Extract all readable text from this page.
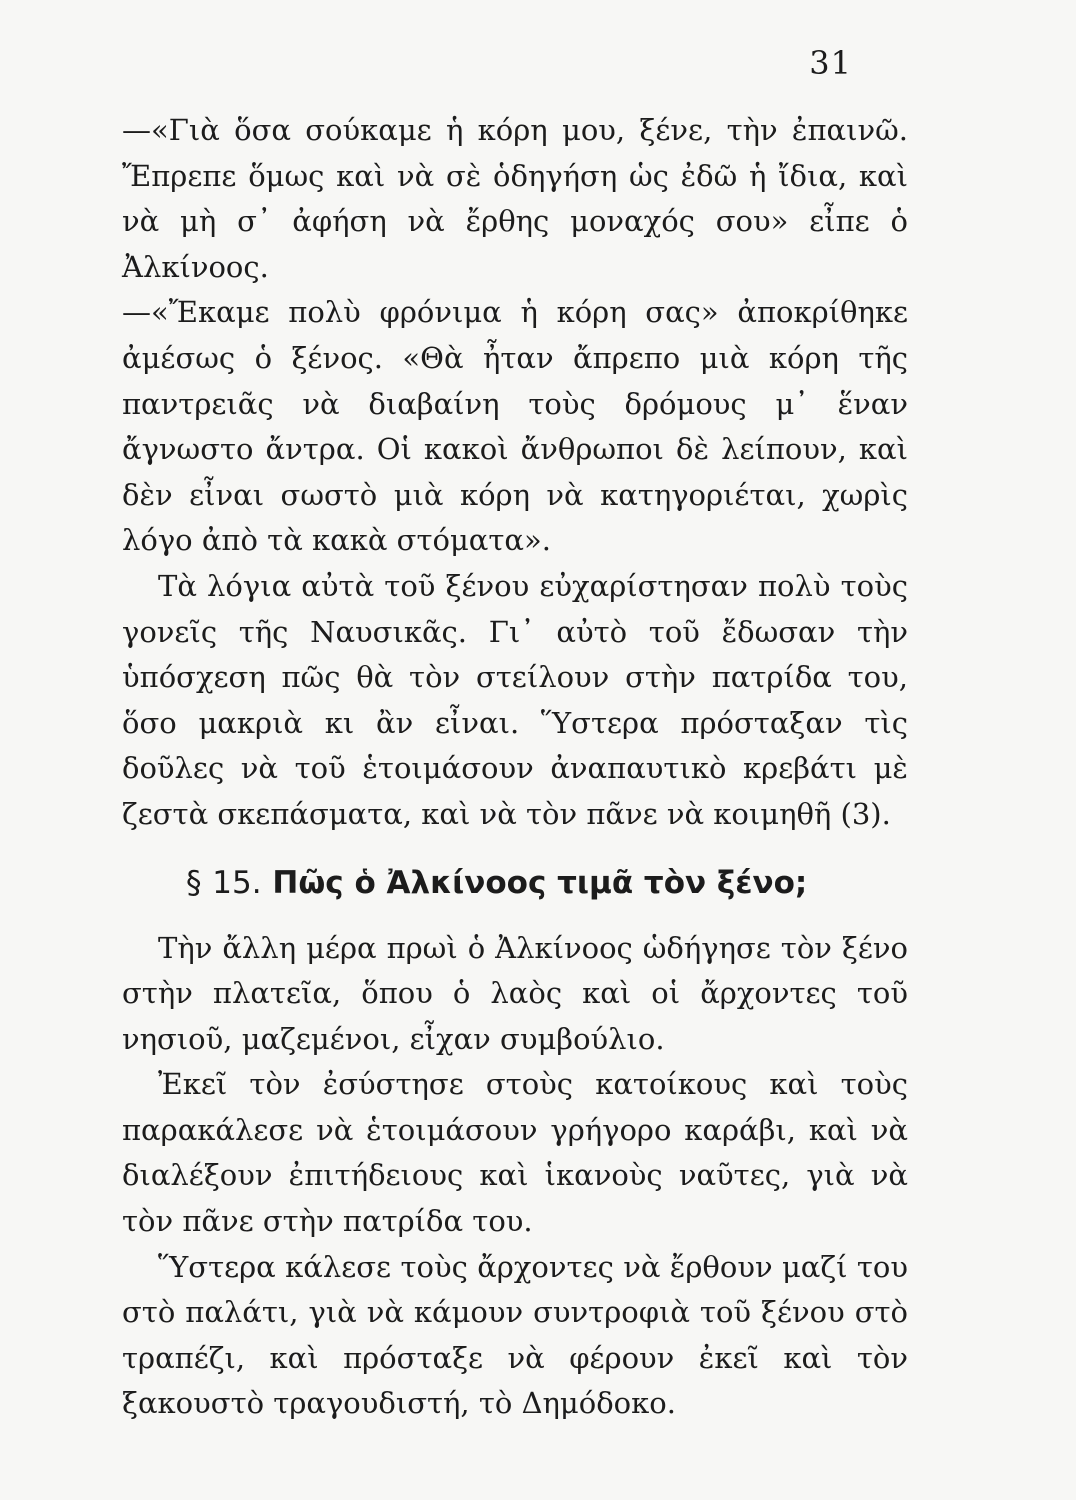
31

—«Γιὰ ὅσα σούκαμε ἡ κόρη μου, ξένε, τὴν ἐπαινῶ. Ἔπρεπε ὅμως καὶ νὰ σὲ ὁδηγήση ὡς ἐδῶ ἡ ἴδια, καὶ νὰ μὴ σ᾽ ἀφήση νὰ ἔρθης μοναχός σου» εἶπε ὁ Ἀλκίνοος.

—«Ἔκαμε πολὺ φρόνιμα ἡ κόρη σας» ἀποκρίθηκε ἀμέσως ὁ ξένος. «Θὰ ἦταν ἄπρεπο μιὰ κόρη τῆς παντρειᾶς νὰ διαβαίνη τοὺς δρόμους μ᾽ ἕναν ἄγνωστο ἄντρα. Οἱ κακοὶ ἄνθρωποι δὲ λείπουν, καὶ δὲν εἶναι σωστὸ μιὰ κόρη νὰ κατηγοριέται, χωρὶς λόγο ἀπὸ τὰ κακὰ στόματα».

Τὰ λόγια αὐτὰ τοῦ ξένου εὐχαρίστησαν πολὺ τοὺς γονεῖς τῆς Ναυσικᾶς. Γι᾽ αὐτὸ τοῦ ἔδωσαν τὴν ὑπόσχεση πῶς θὰ τὸν στείλουν στὴν πατρίδα του, ὅσο μακριὰ κι ἂν εἶναι. Ὕστερα πρόσταξαν τὶς δοῦλες νὰ τοῦ ἑτοιμάσουν ἀναπαυτικὸ κρεβάτι μὲ ζεστὰ σκεπάσματα, καὶ νὰ τὸν πᾶνε νὰ κοιμηθῆ (3).

§ 15. Πῶς ὁ Ἀλκίνοος τιμᾶ τὸν ξένο;

Τὴν ἄλλη μέρα πρωὶ ὁ Ἀλκίνοος ὡδήγησε τὸν ξένο στὴν πλατεῖα, ὅπου ὁ λαὸς καὶ οἱ ἄρχοντες τοῦ νησιοῦ, μαζεμένοι, εἶχαν συμβούλιο.

Ἐκεῖ τὸν ἐσύστησε στοὺς κατοίκους καὶ τοὺς παρακάλεσε νὰ ἑτοιμάσουν γρήγορο καράβι, καὶ νὰ διαλέξουν ἐπιτήδειους καὶ ἱκανοὺς ναῦτες, γιὰ νὰ τὸν πᾶνε στὴν πατρίδα του.

Ὕστερα κάλεσε τοὺς ἄρχοντες νὰ ἔρθουν μαζί του στὸ παλάτι, γιὰ νὰ κάμουν συντροφιὰ τοῦ ξένου στὸ τραπέζι, καὶ πρόσταξε νὰ φέρουν ἐκεῖ καὶ τὸν ξακουστὸ τραγουδιστή, τὸ Δημόδοκο.
